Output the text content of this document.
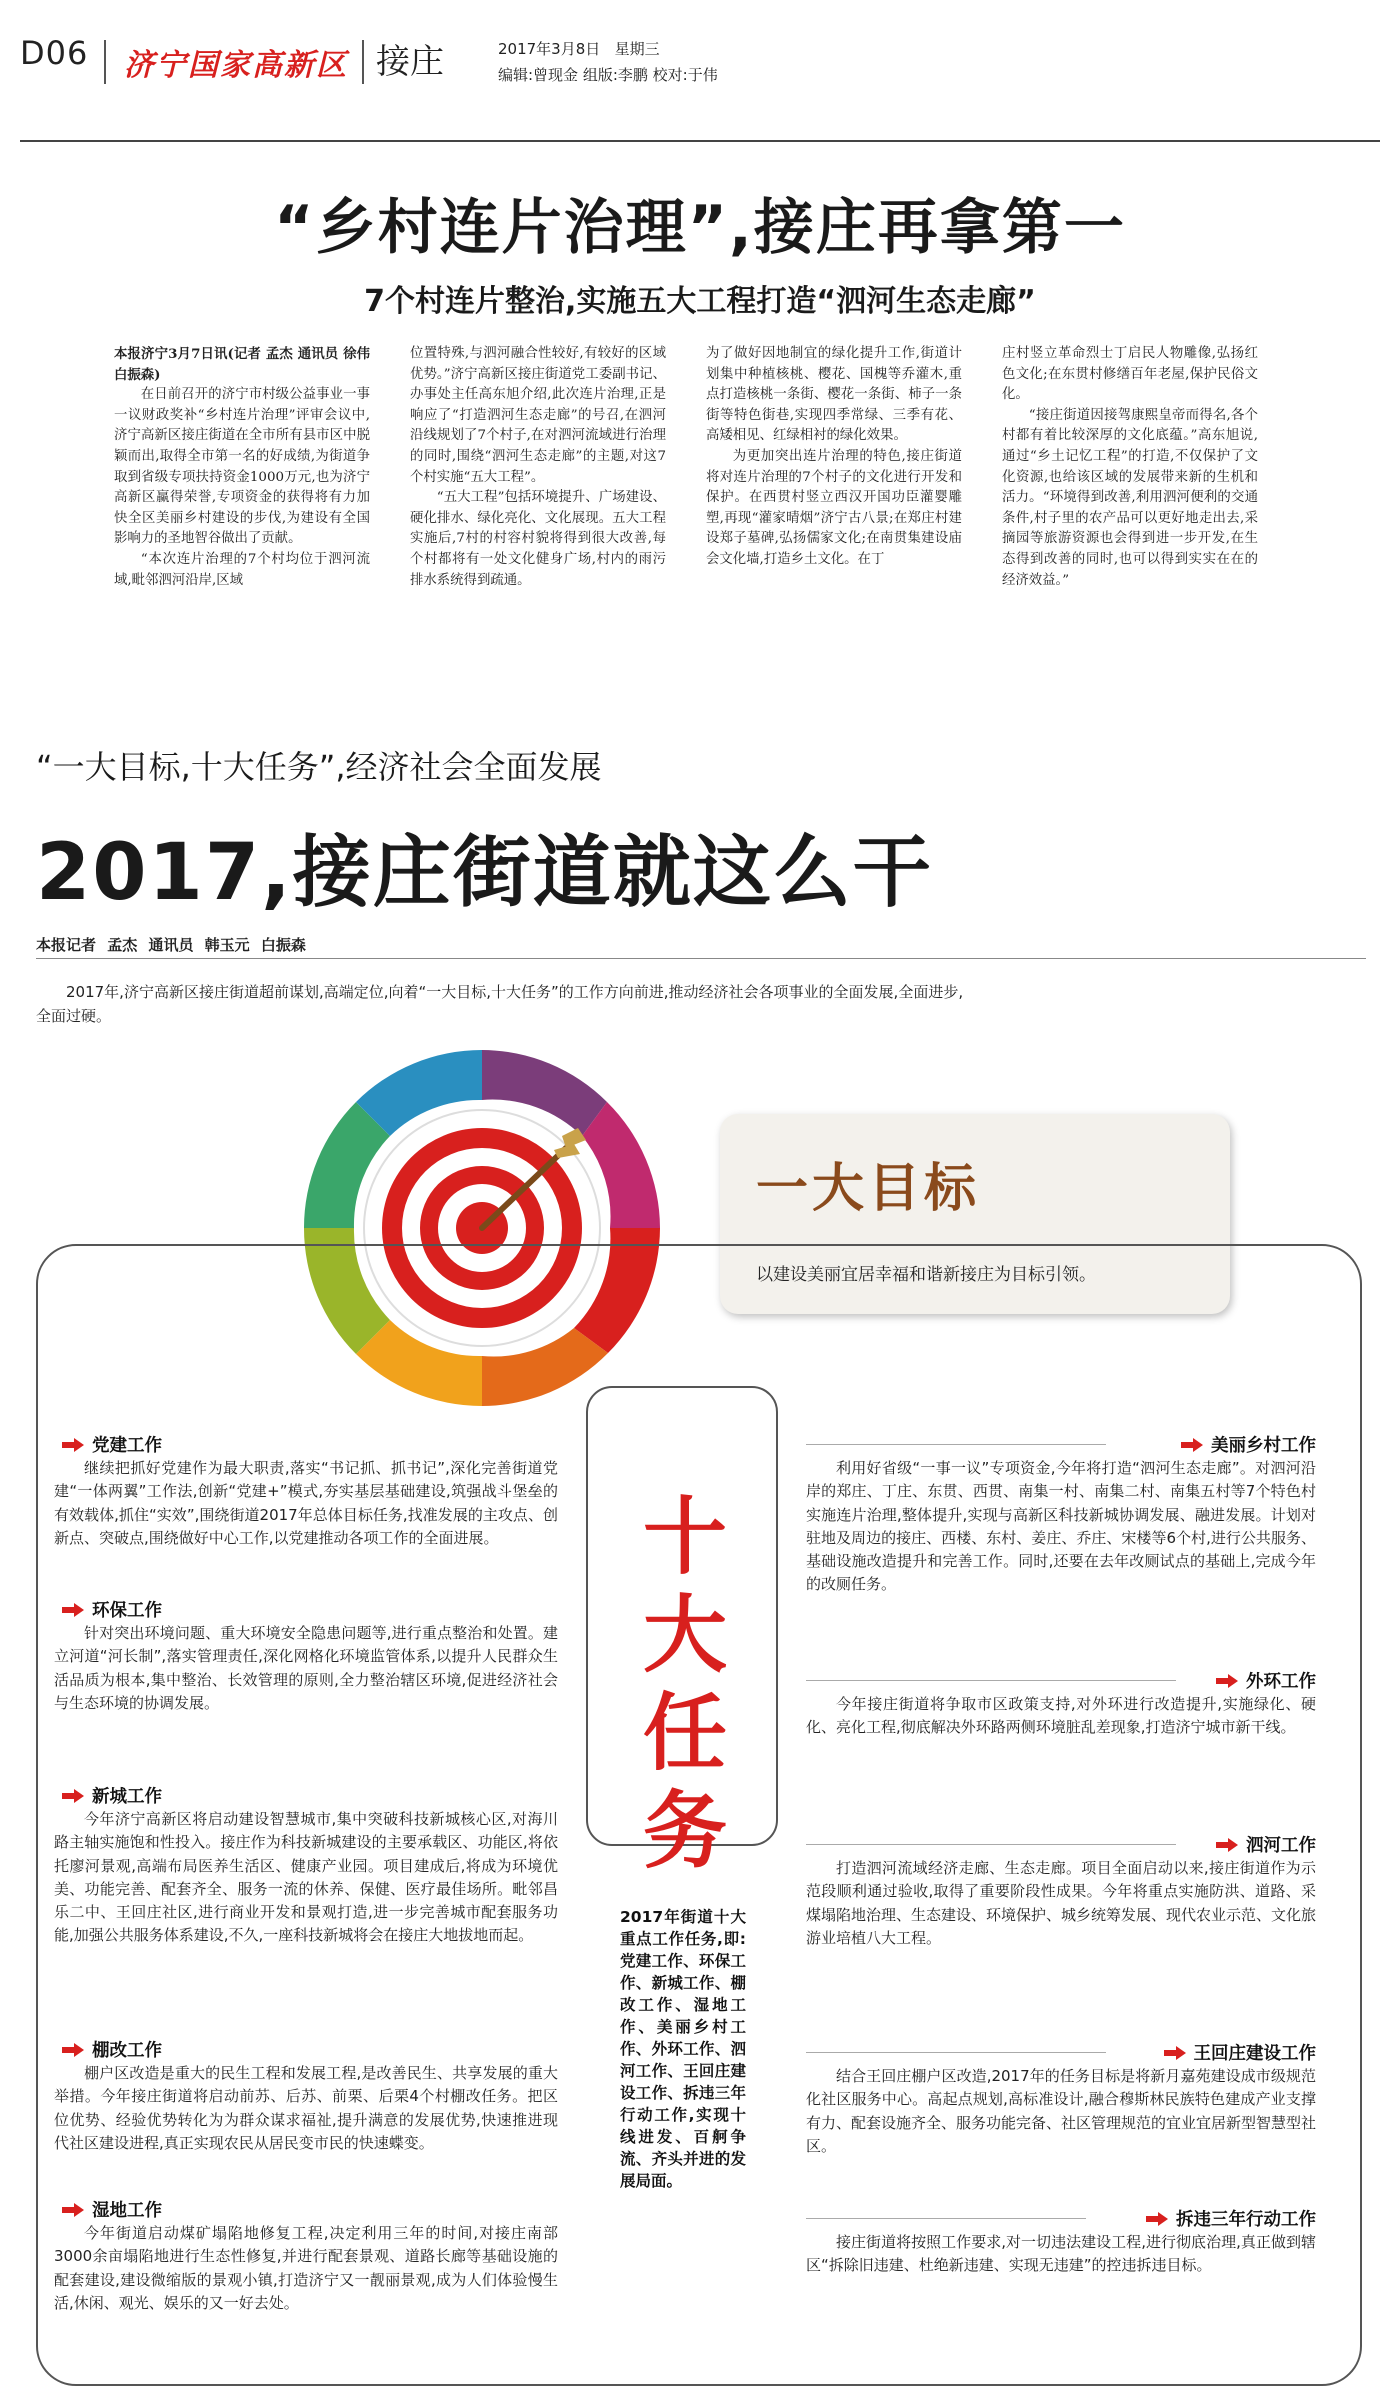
D06 济宁国家高新区 接庄	2017年3月8日 星期三
编辑:曾现金 组版:李鹏 校对:于伟
“乡村连片治理”,接庄再拿第一
7个村连片整治,实施五大工程打造“泗河生态走廊”

本报济宁3月7日讯(记者 孟杰 通讯员 徐伟 白振森)

在日前召开的济宁市村级公益事业一事一议财政奖补“乡村连片治理”评审会议中,济宁高新区接庄街道在全市所有县市区中脱颖而出,取得全市第一名的好成绩,为街道争取到省级专项扶持资金1000万元,也为济宁高新区赢得荣誉,专项资金的获得将有力加快全区美丽乡村建设的步伐,为建设有全国影响力的圣地智谷做出了贡献。

“本次连片治理的7个村均位于泗河流域,毗邻泗河沿岸,区域

位置特殊,与泗河融合性较好,有较好的区域优势。”济宁高新区接庄街道党工委副书记、办事处主任高东旭介绍,此次连片治理,正是响应了“打造泗河生态走廊”的号召,在泗河沿线规划了7个村子,在对泗河流域进行治理的同时,围绕“泗河生态走廊”的主题,对这7个村实施“五大工程”。

“五大工程”包括环境提升、广场建设、硬化排水、绿化亮化、文化展现。五大工程实施后,7村的村容村貌将得到很大改善,每个村都将有一处文化健身广场,村内的雨污排水系统得到疏通。

为了做好因地制宜的绿化提升工作,街道计划集中种植核桃、樱花、国槐等乔灌木,重点打造核桃一条街、樱花一条街、柿子一条街等特色街巷,实现四季常绿、三季有花、高矮相见、红绿相衬的绿化效果。

为更加突出连片治理的特色,接庄街道将对连片治理的7个村子的文化进行开发和保护。在西贯村竖立西汉开国功臣灌婴雕塑,再现“灌家晴烟”济宁古八景;在郑庄村建设郑子墓碑,弘扬儒家文化;在南贯集建设庙会文化墙,打造乡土文化。在丁

庄村竖立革命烈士丁启民人物雕像,弘扬红色文化;在东贯村修缮百年老屋,保护民俗文化。

“接庄街道因接驾康熙皇帝而得名,各个村都有着比较深厚的文化底蕴。”高东旭说,通过“乡土记忆工程”的打造,不仅保护了文化资源,也给该区域的发展带来新的生机和活力。“环境得到改善,利用泗河便利的交通条件,村子里的农产品可以更好地走出去,采摘园等旅游资源也会得到进一步开发,在生态得到改善的同时,也可以得到实实在在的经济效益。”

“一大目标,十大任务”,经济社会全面发展
2017,接庄街道就这么干
本报记者 孟杰 通讯员 韩玉元 白振森
2017年,济宁高新区接庄街道超前谋划,高端定位,向着“一大目标,十大任务”的工作方向前进,推动经济社会各项事业的全面发展,全面进步,全面过硬。
一大目标
以建设美丽宜居幸福和谐新接庄为目标引领。
十大任务
2017年街道十大重点工作任务,即:党建工作、环保工作、新城工作、棚改工作、湿地工作、美丽乡村工作、外环工作、泗河工作、王回庄建设工作、拆违三年行动工作,实现十线进发、百舸争流、齐头并进的发展局面。
党建工作
继续把抓好党建作为最大职责,落实“书记抓、抓书记”,深化完善街道党建“一体两翼”工作法,创新“党建+”模式,夯实基层基础建设,筑强战斗堡垒的有效载体,抓住“实效”,围绕街道2017年总体目标任务,找准发展的主攻点、创新点、突破点,围绕做好中心工作,以党建推动各项工作的全面进展。
环保工作
针对突出环境问题、重大环境安全隐患问题等,进行重点整治和处置。建立河道“河长制”,落实管理责任,深化网格化环境监管体系,以提升人民群众生活品质为根本,集中整治、长效管理的原则,全力整治辖区环境,促进经济社会与生态环境的协调发展。
新城工作
今年济宁高新区将启动建设智慧城市,集中突破科技新城核心区,对海川路主轴实施饱和性投入。接庄作为科技新城建设的主要承载区、功能区,将依托廖河景观,高端布局医养生活区、健康产业园。项目建成后,将成为环境优美、功能完善、配套齐全、服务一流的休养、保健、医疗最佳场所。毗邻昌乐二中、王回庄社区,进行商业开发和景观打造,进一步完善城市配套服务功能,加强公共服务体系建设,不久,一座科技新城将会在接庄大地拔地而起。
棚改工作
棚户区改造是重大的民生工程和发展工程,是改善民生、共享发展的重大举措。今年接庄街道将启动前苏、后苏、前栗、后栗4个村棚改任务。把区位优势、经验优势转化为为群众谋求福祉,提升满意的发展优势,快速推进现代社区建设进程,真正实现农民从居民变市民的快速蝶变。
湿地工作
今年街道启动煤矿塌陷地修复工程,决定利用三年的时间,对接庄南部3000余亩塌陷地进行生态性修复,并进行配套景观、道路长廊等基础设施的配套建设,建设微缩版的景观小镇,打造济宁又一靓丽景观,成为人们体验慢生活,休闲、观光、娱乐的又一好去处。
美丽乡村工作
利用好省级“一事一议”专项资金,今年将打造“泗河生态走廊”。对泗河沿岸的郑庄、丁庄、东贯、西贯、南集一村、南集二村、南集五村等7个特色村实施连片治理,整体提升,实现与高新区科技新城协调发展、融进发展。计划对驻地及周边的接庄、西楼、东村、姜庄、乔庄、宋楼等6个村,进行公共服务、基础设施改造提升和完善工作。同时,还要在去年改厕试点的基础上,完成今年的改厕任务。
外环工作
今年接庄街道将争取市区政策支持,对外环进行改造提升,实施绿化、硬化、亮化工程,彻底解决外环路两侧环境脏乱差现象,打造济宁城市新干线。
泗河工作
打造泗河流域经济走廊、生态走廊。项目全面启动以来,接庄街道作为示范段顺利通过验收,取得了重要阶段性成果。今年将重点实施防洪、道路、采煤塌陷地治理、生态建设、环境保护、城乡统筹发展、现代农业示范、文化旅游业培植八大工程。
王回庄建设工作
结合王回庄棚户区改造,2017年的任务目标是将新月嘉苑建设成市级规范化社区服务中心。高起点规划,高标准设计,融合穆斯林民族特色建成产业支撑有力、配套设施齐全、服务功能完备、社区管理规范的宜业宜居新型智慧型社区。
拆违三年行动工作
接庄街道将按照工作要求,对一切违法建设工程,进行彻底治理,真正做到辖区“拆除旧违建、杜绝新违建、实现无违建”的控违拆违目标。
